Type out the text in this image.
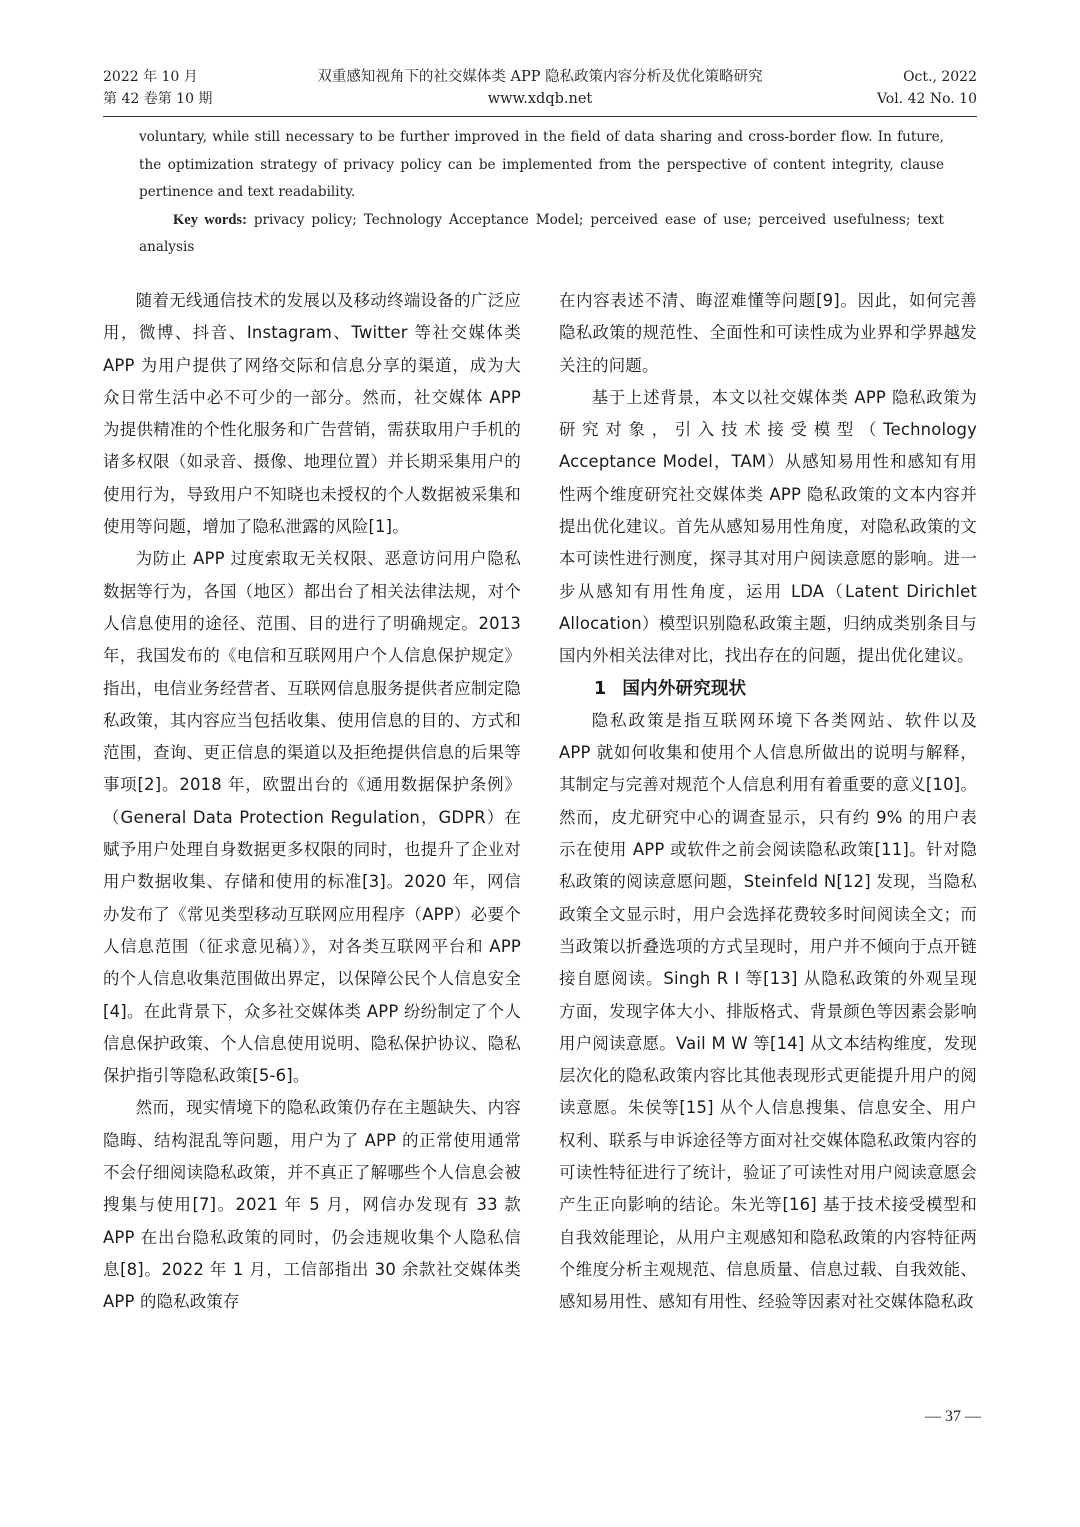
2022 年 10 月
第 42 卷第 10 期
双重感知视角下的社交媒体类 APP 隐私政策内容分析及优化策略研究
www.xdqb.net
Oct., 2022
Vol. 42 No. 10

voluntary, while still necessary to be further improved in the field of data sharing and cross-border flow. In future, the optimization strategy of privacy policy can be implemented from the perspective of content integrity, clause pertinence and text readability.

Key words: privacy policy; Technology Acceptance Model; perceived ease of use; perceived usefulness; text analysis

随着无线通信技术的发展以及移动终端设备的广泛应用，微博、抖音、Instagram、Twitter 等社交媒体类 APP 为用户提供了网络交际和信息分享的渠道，成为大众日常生活中必不可少的一部分。然而，社交媒体 APP 为提供精准的个性化服务和广告营销，需获取用户手机的诸多权限（如录音、摄像、地理位置）并长期采集用户的使用行为，导致用户不知晓也未授权的个人数据被采集和使用等问题，增加了隐私泄露的风险[1]。

为防止 APP 过度索取无关权限、恶意访问用户隐私数据等行为，各国（地区）都出台了相关法律法规，对个人信息使用的途径、范围、目的进行了明确规定。2013 年，我国发布的《电信和互联网用户个人信息保护规定》指出，电信业务经营者、互联网信息服务提供者应制定隐私政策，其内容应当包括收集、使用信息的目的、方式和范围，查询、更正信息的渠道以及拒绝提供信息的后果等事项[2]。2018 年，欧盟出台的《通用数据保护条例》（General Data Protection Regulation，GDPR）在赋予用户处理自身数据更多权限的同时，也提升了企业对用户数据收集、存储和使用的标准[3]。2020 年，网信办发布了《常见类型移动互联网应用程序（APP）必要个人信息范围（征求意见稿）》，对各类互联网平台和 APP 的个人信息收集范围做出界定，以保障公民个人信息安全[4]。在此背景下，众多社交媒体类 APP 纷纷制定了个人信息保护政策、个人信息使用说明、隐私保护协议、隐私保护指引等隐私政策[5-6]。

然而，现实情境下的隐私政策仍存在主题缺失、内容隐晦、结构混乱等问题，用户为了 APP 的正常使用通常不会仔细阅读隐私政策，并不真正了解哪些个人信息会被搜集与使用[7]。2021 年 5 月，网信办发现有 33 款 APP 在出台隐私政策的同时，仍会违规收集个人隐私信息[8]。2022 年 1 月，工信部指出 30 余款社交媒体类 APP 的隐私政策存

在内容表述不清、晦涩难懂等问题[9]。因此，如何完善隐私政策的规范性、全面性和可读性成为业界和学界越发关注的问题。

基于上述背景，本文以社交媒体类 APP 隐私政策为研究对象，引入技术接受模型（Technology Acceptance Model，TAM）从感知易用性和感知有用性两个维度研究社交媒体类 APP 隐私政策的文本内容并提出优化建议。首先从感知易用性角度，对隐私政策的文本可读性进行测度，探寻其对用户阅读意愿的影响。进一步从感知有用性角度，运用 LDA（Latent Dirichlet Allocation）模型识别隐私政策主题，归纳成类别条目与国内外相关法律对比，找出存在的问题，提出优化建议。

1 国内外研究现状

隐私政策是指互联网环境下各类网站、软件以及 APP 就如何收集和使用个人信息所做出的说明与解释，其制定与完善对规范个人信息利用有着重要的意义[10]。然而，皮尤研究中心的调查显示，只有约 9% 的用户表示在使用 APP 或软件之前会阅读隐私政策[11]。针对隐私政策的阅读意愿问题，Steinfeld N[12] 发现，当隐私政策全文显示时，用户会选择花费较多时间阅读全文；而当政策以折叠选项的方式呈现时，用户并不倾向于点开链接自愿阅读。Singh R I 等[13] 从隐私政策的外观呈现方面，发现字体大小、排版格式、背景颜色等因素会影响用户阅读意愿。Vail M W 等[14] 从文本结构维度，发现层次化的隐私政策内容比其他表现形式更能提升用户的阅读意愿。朱侯等[15] 从个人信息搜集、信息安全、用户权利、联系与申诉途径等方面对社交媒体隐私政策内容的可读性特征进行了统计，验证了可读性对用户阅读意愿会产生正向影响的结论。朱光等[16] 基于技术接受模型和自我效能理论，从用户主观感知和隐私政策的内容特征两个维度分析主观规范、信息质量、信息过载、自我效能、感知易用性、感知有用性、经验等因素对社交媒体隐私政

— 37 —
